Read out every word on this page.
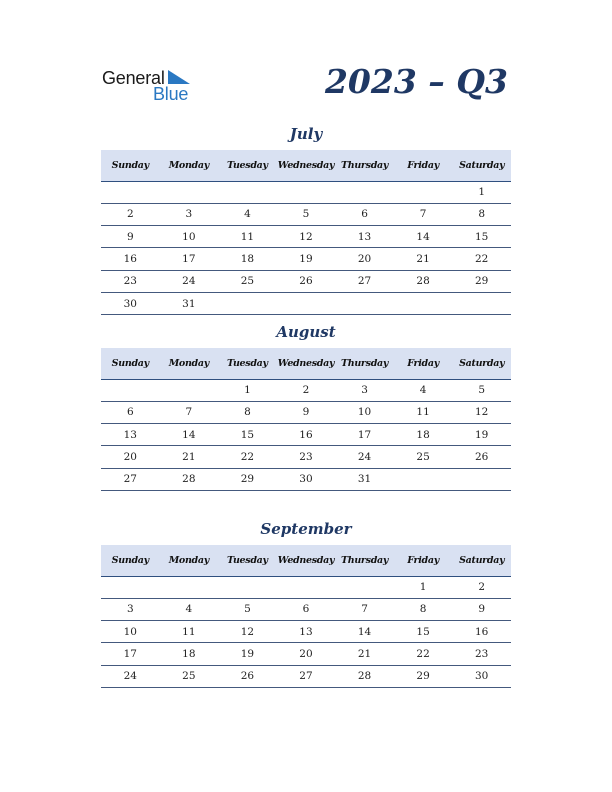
General
Blue	2023 – Q3
July
Sunday	Monday	Tuesday	Wednesday	Thursday	Friday	Saturday
						1
2	3	4	5	6	7	8
9	10	11	12	13	14	15
16	17	18	19	20	21	22
23	24	25	26	27	28	29
30	31					
August
Sunday	Monday	Tuesday	Wednesday	Thursday	Friday	Saturday
		1	2	3	4	5
6	7	8	9	10	11	12
13	14	15	16	17	18	19
20	21	22	23	24	25	26
27	28	29	30	31		
September
Sunday	Monday	Tuesday	Wednesday	Thursday	Friday	Saturday
					1	2
3	4	5	6	7	8	9
10	11	12	13	14	15	16
17	18	19	20	21	22	23
24	25	26	27	28	29	30
